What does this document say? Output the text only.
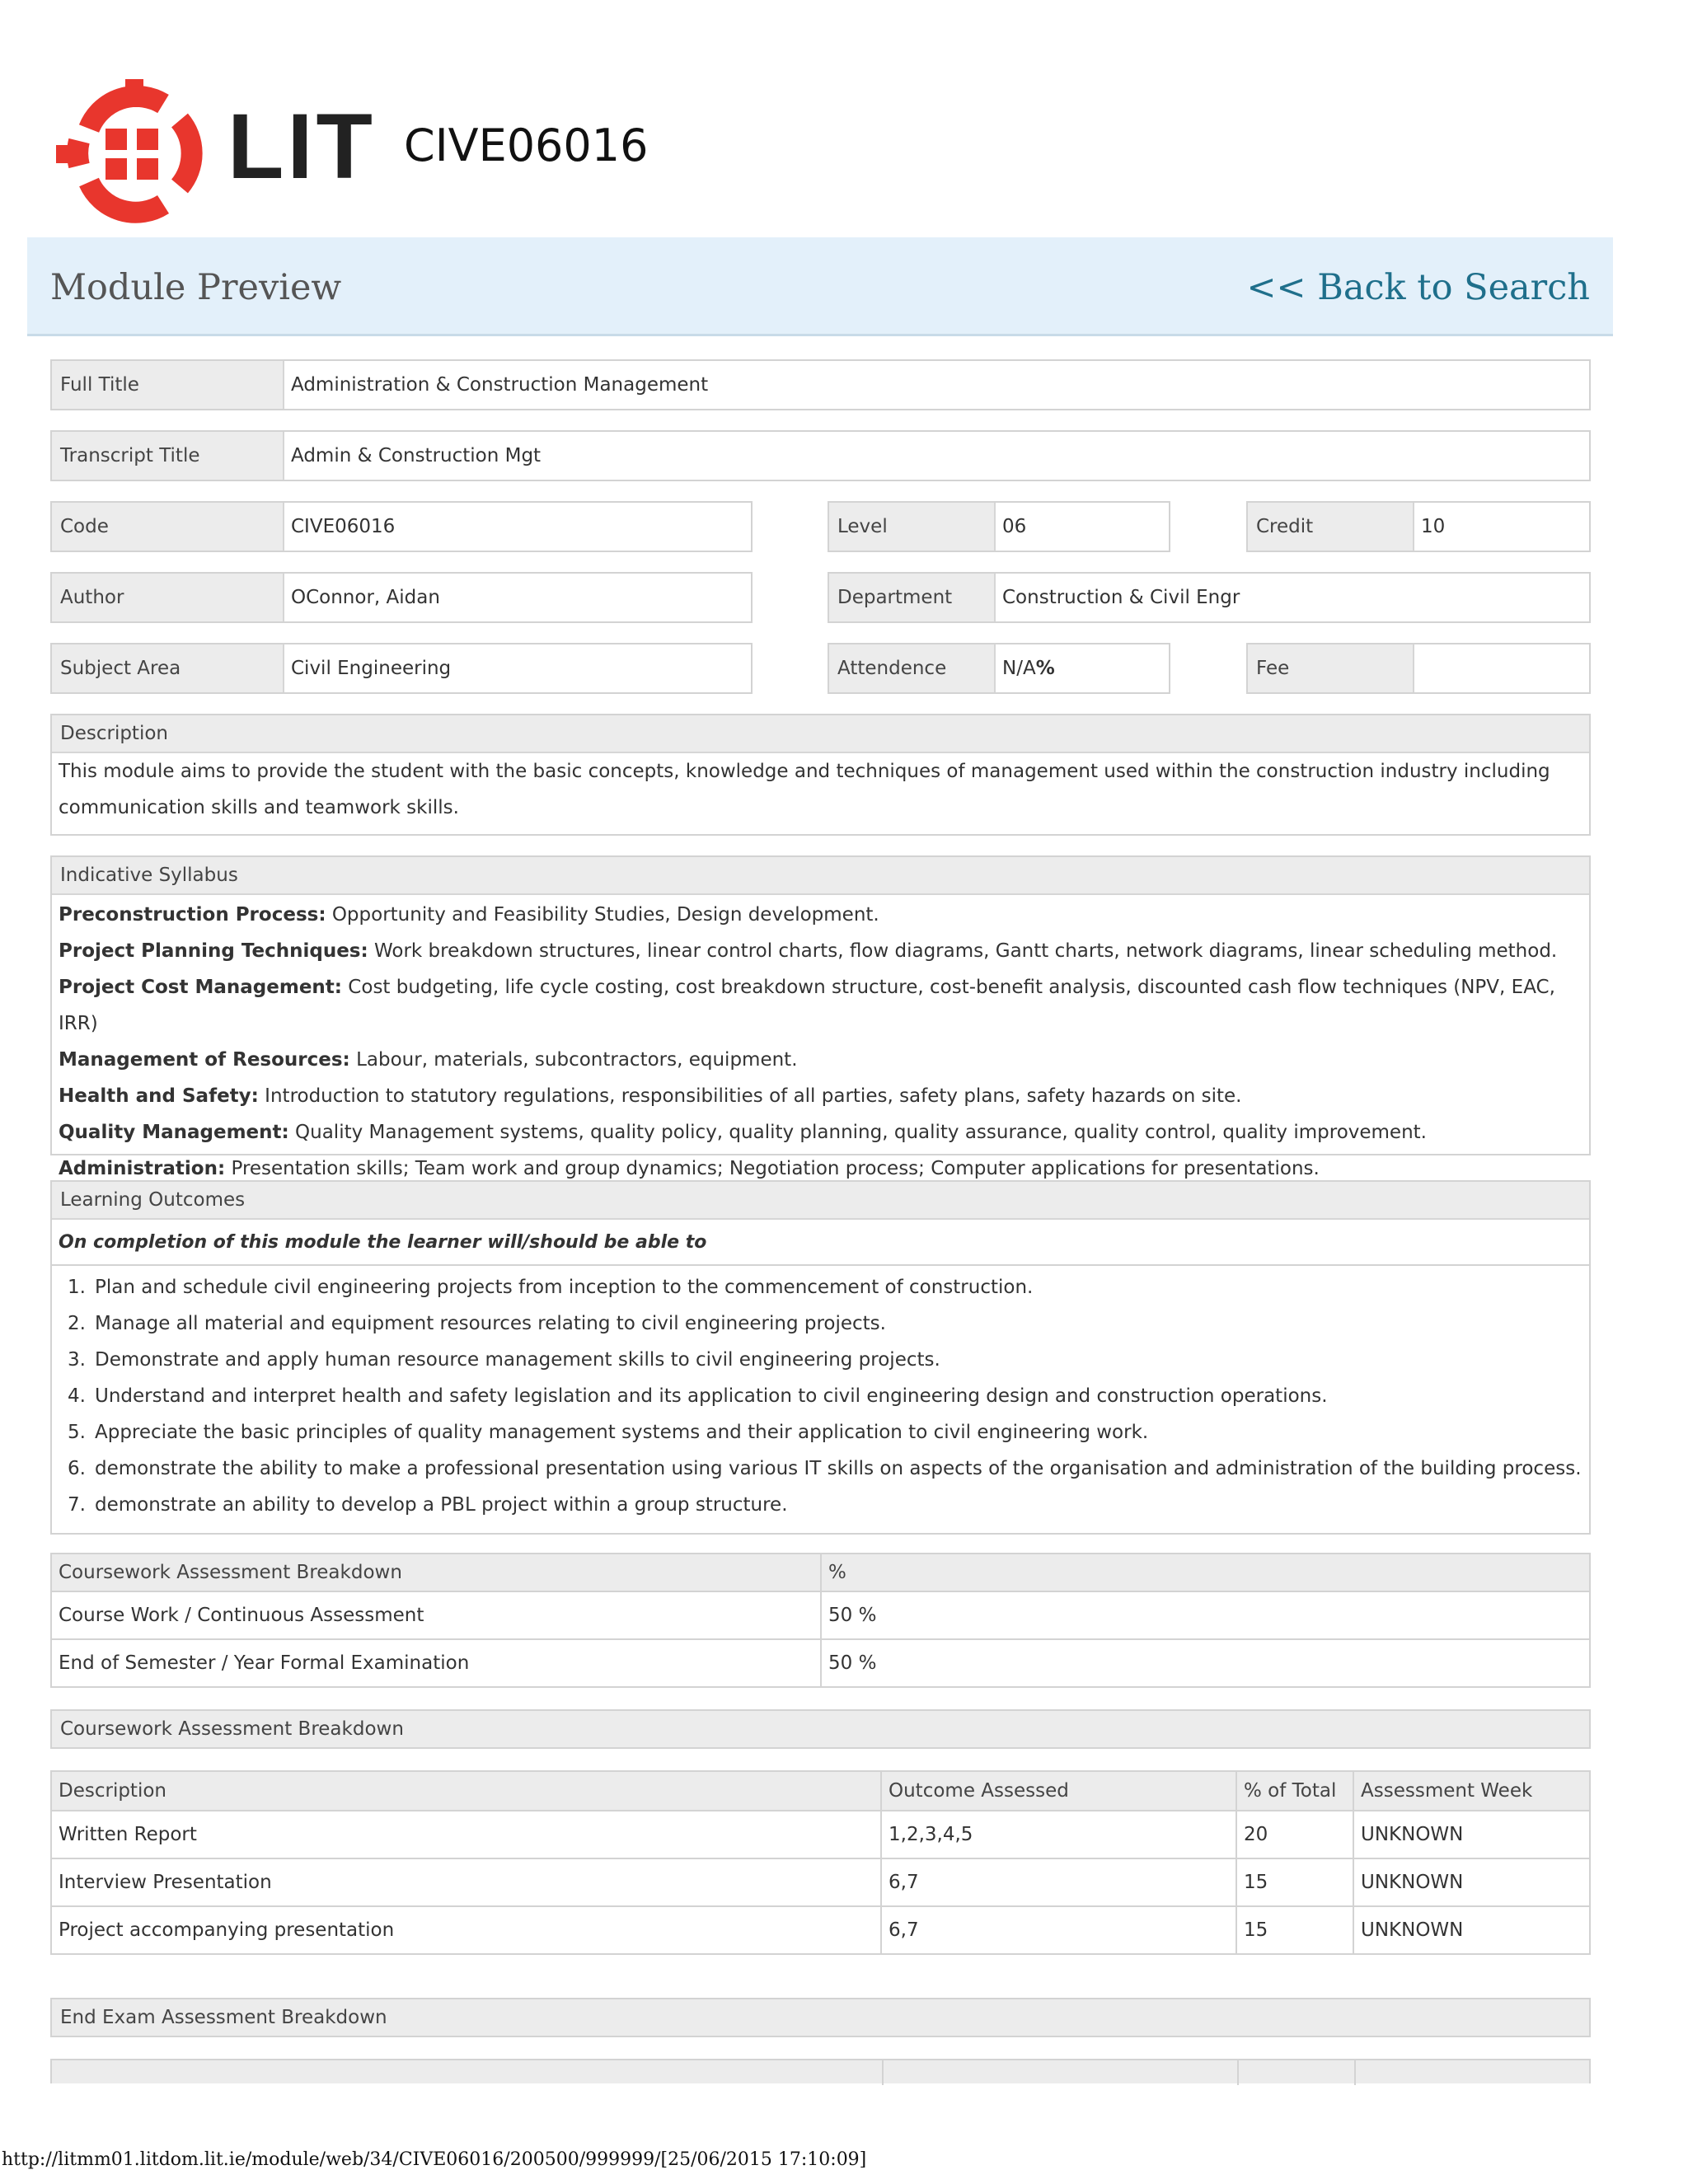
LIT CIVE06016
Module Preview	<< Back to Search
Full Title	Administration & Construction Management
Transcript Title	Admin & Construction Mgt
Code	CIVE06016	Level	06	Credit	10
Author	OConnor, Aidan	Department	Construction & Civil Engr
Subject Area	Civil Engineering	Attendence	N/A %	Fee
Description
This module aims to provide the student with the basic concepts, knowledge and techniques of management used within the construction industry including
communication skills and teamwork skills.
Indicative Syllabus
Preconstruction Process: Opportunity and Feasibility Studies, Design development.
Project Planning Techniques: Work breakdown structures, linear control charts, flow diagrams, Gantt charts, network diagrams, linear scheduling method.
Project Cost Management: Cost budgeting, life cycle costing, cost breakdown structure, cost-benefit analysis, discounted cash flow techniques (NPV, EAC, IRR)
Management of Resources: Labour, materials, subcontractors, equipment.
Health and Safety: Introduction to statutory regulations, responsibilities of all parties, safety plans, safety hazards on site.
Quality Management: Quality Management systems, quality policy, quality planning, quality assurance, quality control, quality improvement.
Administration: Presentation skills; Team work and group dynamics; Negotiation process; Computer applications for presentations.
Learning Outcomes
On completion of this module the learner will/should be able to
1. Plan and schedule civil engineering projects from inception to the commencement of construction.
2. Manage all material and equipment resources relating to civil engineering projects.
3. Demonstrate and apply human resource management skills to civil engineering projects.
4. Understand and interpret health and safety legislation and its application to civil engineering design and construction operations.
5. Appreciate the basic principles of quality management systems and their application to civil engineering work.
6. demonstrate the ability to make a professional presentation using various IT skills on aspects of the organisation and administration of the building process.
7. demonstrate an ability to develop a PBL project within a group structure.
Coursework Assessment Breakdown	%
Course Work / Continuous Assessment	50 %
End of Semester / Year Formal Examination	50 %
Coursework Assessment Breakdown
Description	Outcome Assessed	% of Total	Assessment Week
Written Report	1,2,3,4,5	20	UNKNOWN
Interview Presentation	6,7	15	UNKNOWN
Project accompanying presentation	6,7	15	UNKNOWN
End Exam Assessment Breakdown
http://litmm01.litdom.lit.ie/module/web/34/CIVE06016/200500/999999/[25/06/2015 17:10:09]
